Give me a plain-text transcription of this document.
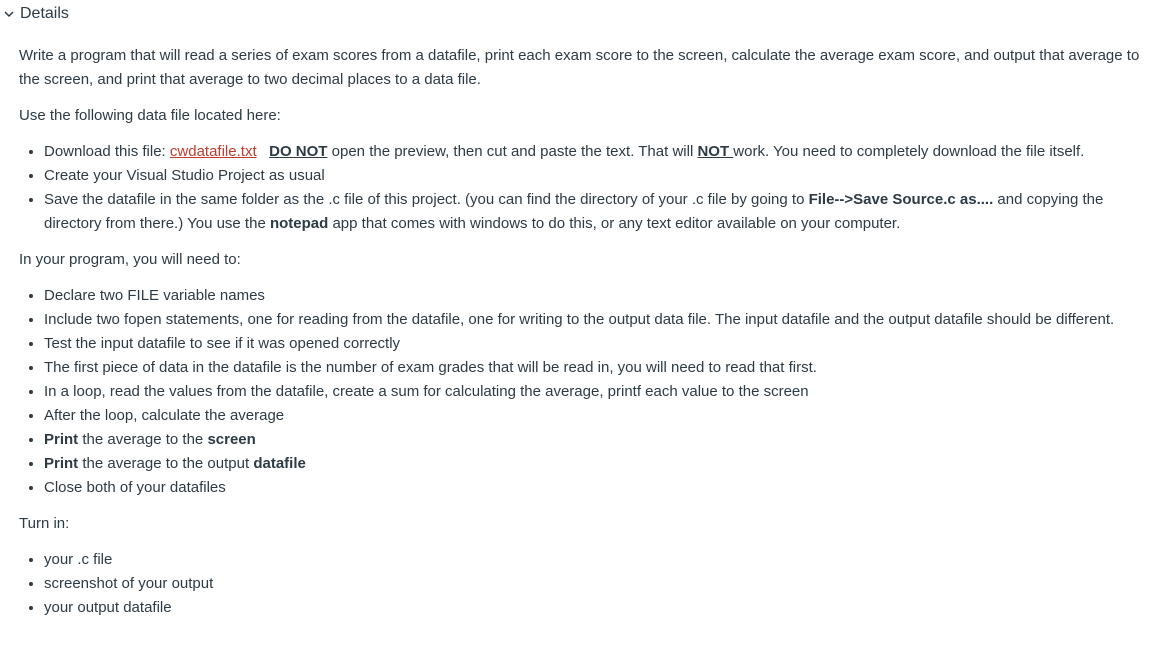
Details

Write a program that will read a series of exam scores from a datafile, print each exam score to the screen, calculate the average exam score, and output that average to the screen, and print that average to two decimal places to a data file.

Use the following data file located here:

• Download this file: cwdatafile.txt DO NOT open the preview, then cut and paste the text. That will NOT work. You need to completely download the file itself.
• Create your Visual Studio Project as usual
• Save the datafile in the same folder as the .c file of this project. (you can find the directory of your .c file by going to File-->Save Source.c as.... and copying the directory from there.) You use the notepad app that comes with windows to do this, or any text editor available on your computer.

In your program, you will need to:

• Declare two FILE variable names
• Include two fopen statements, one for reading from the datafile, one for writing to the output data file. The input datafile and the output datafile should be different.
• Test the input datafile to see if it was opened correctly
• The first piece of data in the datafile is the number of exam grades that will be read in, you will need to read that first.
• In a loop, read the values from the datafile, create a sum for calculating the average, printf each value to the screen
• After the loop, calculate the average
• Print the average to the screen
• Print the average to the output datafile
• Close both of your datafiles

Turn in:

• your .c file
• screenshot of your output
• your output datafile
